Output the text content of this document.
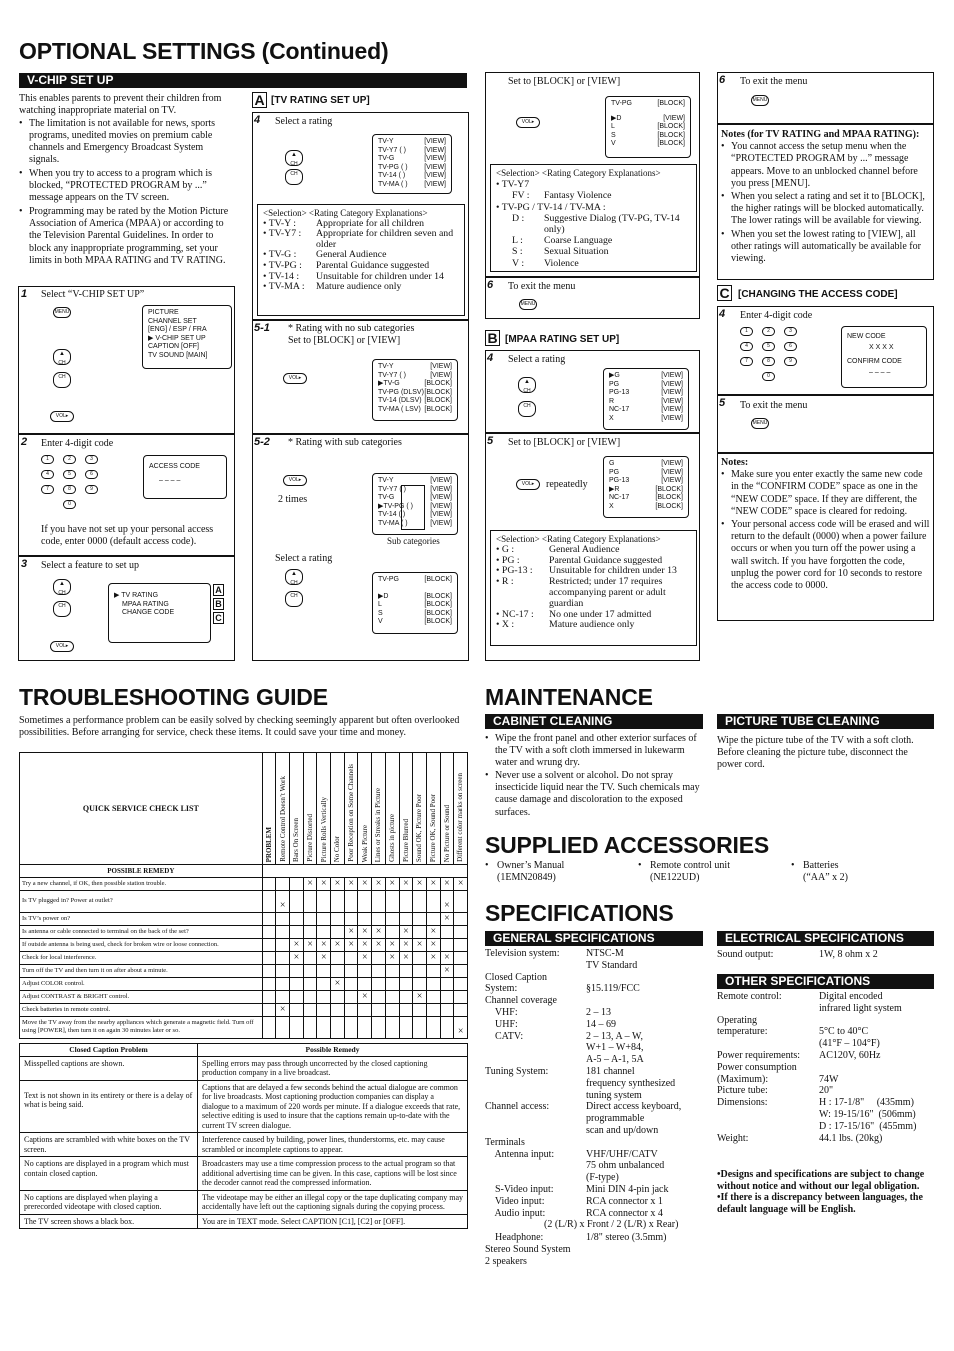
OPTIONAL SETTINGS (Continued)
V-CHIP SET UP

This enables parents to prevent their children from watching inappropriate material on TV.

• The limitation is not available for news, sports programs, unedited movies on premium cable channels and Emergency Broadcast System signals.
• When you try to access to a program which is blocked, “PROTECTED PROGRAM by ...” message appears on the TV screen.
• Programming may be rated by the Motion Picture Association of America (MPAA) or according to the Television Parental Guidelines. In order to block any inappropriate programming, set your limits in both MPAA RATING and TV RATING.
1 Select “V-CHIP SET UP”
MENU
▲
CH
CH
VOL▸
PICTURE
CHANNEL SET
[ENG] / ESP / FRA
▶ V-CHIP SET UP
CAPTION [OFF]
TV SOUND [MAIN]
2 Enter 4-digit code
1	2	3
4	5	6
7	8	9
0
ACCESS CODE
– – – –

If you have not set up your personal access code, enter 0000 (default access code).

3 Select a feature to set up
▲
CH
CH
VOL▸
▶ TV RATING
MPAA RATING
CHANGE CODE
A
B
C
A [TV RATING SET UP]
4 Select a rating
▲
CH
CH
TV-Y	[VIEW]
TV-Y7 ( )	[VIEW]
TV-G	[VIEW]
TV-PG ( ) [VIEW]
TV-14 ( )	[VIEW]
TV-MA ( ) [VIEW]
<Selection> <Rating Category Explanations>
• TV-Y :	Appropriate for all children
• TV-Y7 :	Appropriate for children seven and older
• TV-G :	General Audience
• TV-PG :	Parental Guidance suggested
• TV-14 :	Unsuitable for children under 14
• TV-MA :	Mature audience only
5-1 * Rating with no sub categories
Set to [BLOCK] or [VIEW]
VOL▸
TV-Y	[VIEW]
TV-Y7 ( )	[VIEW]
▶TV-G	[BLOCK]
TV-PG (DLSV) [BLOCK]
TV-14 (DLSV) [BLOCK]
TV-MA ( LSV) [BLOCK]
5-2 * Rating with sub categories
VOL▸
2 times
TV-Y	[VIEW]
TV-Y7 ( )	[VIEW]
TV-G	[VIEW]
▶TV-PG ( ) [VIEW]
TV-14 ( )	[VIEW]
TV-MA ( )	[VIEW]
Sub categories
Select a rating
▲
CH
CH
TV-PG	[BLOCK]
▶D	[BLOCK]
L	[BLOCK]
S	[BLOCK]
V	[BLOCK]
Set to [BLOCK] or [VIEW]
VOL▸
TV-PG	[BLOCK]
▶D	[VIEW]
L	[BLOCK]
S	[BLOCK]
V	[BLOCK]
<Selection> <Rating Category Explanations>
• TV-Y7
FV :	Fantasy Violence
• TV-PG / TV-14 / TV-MA :
D :	Suggestive Dialog (TV-PG, TV-14 only)
L :	Coarse Language
S :	Sexual Situation
V :	Violence
6 To exit the menu
MENU
B [MPAA RATING SET UP]
4 Select a rating
▲
CH
CH
▶G	[VIEW]
PG	[VIEW]
PG-13	[VIEW]
R	[VIEW]
NC-17	[VIEW]
X	[VIEW]
5 Set to [BLOCK] or [VIEW]
VOL▸	repeatedly
G	[VIEW]
PG	[VIEW]
PG-13	[VIEW]
▶R	[BLOCK]
NC-17	[BLOCK]
X	[BLOCK]
<Selection> <Rating Category Explanations>
• G :	General Audience
• PG :	Parental Guidance suggested
• PG-13 :	Unsuitable for children under 13
• R :	Restricted; under 17 requires accompanying parent or adult guardian
• NC-17 :	No one under 17 admitted
• X :	Mature audience only
6 To exit the menu
MENU
Notes (for TV RATING and MPAA RATING):
• You cannot access the setup menu when the “PROTECTED PROGRAM by ...” message appears. Move to an unblocked channel before you press [MENU].
• When you select a rating and set it to [BLOCK], the higher ratings will be blocked automatically. The lower ratings will be available for viewing.
• When you set the lowest rating to [VIEW], all other ratings will automatically be available for viewing.
C [CHANGING THE ACCESS CODE]
4 Enter 4-digit code
1	2	3
4	5	6
7	8	9
0
NEW CODE
X X X X
CONFIRM CODE
– – – –
5 To exit the menu
MENU
Notes:
• Make sure you enter exactly the same new code in the “CONFIRM CODE” space as one in the “NEW CODE” space. If they are different, the “NEW CODE” space is cleared for redoing.
• Your personal access code will be erased and will return to the default (0000) when a power failure occurs or when you turn off the power using a wall switch. If you have forgotten the code, unplug the power cord for 10 seconds to restore the access code to 0000.
TROUBLESHOOTING GUIDE

Sometimes a performance problem can be easily solved by checking seemingly apparent but often overlooked possibilities. Before arranging for service, check these items. It could save your time and money.

QUICK SERVICE CHECK LIST	PROBLEM	Remote Control Doesn’t Work	Bars On Screen	Picture Distorted	Picture Rolls Vertically	No Color	Poor Reception on Some Channels	Weak Picture	Lines or Streaks in Picture	Ghosts in picture	Picture Blurred	Sound OK, Picture Poor	Picture OK, Sound Poor	No Picture or Sound	Different color marks on screen

POSSIBLE REMEDY															
Try a new channel, if OK, then possible station trouble.				×	×	×	×	×	×	×	×	×	×	×	×
Is TV plugged in? Power at outlet?		×												×	
Is TV’s power on?														×	
Is antenna or cable connected to terminal on the back of the set?							×	×	×		×		×		
If outside antenna is being used, check for broken wire or loose connection.			×	×	×	×	×	×	×	×	×	×	×		
Check for local interference.			×		×			×		×	×		×	×	
Turn off the TV and then turn it on after about a minute.														×	
Adjust COLOR control.						×									
Adjust CONTRAST & BRIGHT control.								×				×			
Check batteries in remote control.		×													
Move the TV away from the nearby appliances which generate a magnetic field. Turn off using [POWER], then turn it on again 30 minutes later or so.															×
Closed Caption Problem	Possible Remedy
Misspelled captions are shown.	Spelling errors may pass through uncorrected by the closed captioning production company in a live broadcast.
Text is not shown in its entirety or there is a delay of what is being said.	Captions that are delayed a few seconds behind the actual dialogue are common for live broadcasts. Most captioning production companies can display a dialogue to a maximum of 220 words per minute. If a dialogue exceeds that rate, selective editing is used to insure that the captions remain up-to-date with the current TV screen dialogue.
Captions are scrambled with white boxes on the TV screen.	Interference caused by building, power lines, thunderstorms, etc. may cause scrambled or incomplete captions to appear.
No captions are displayed in a program which must contain closed caption.	Broadcasters may use a time compression process to the actual program so that additional advertising time can be given. In this case, captions will be lost since the decoder cannot read the compressed information.
No captions are displayed when playing a prerecorded videotape with closed caption.	The videotape may be either an illegal copy or the tape duplicating company may accidentally have left out the captioning signals during the copying process.
The TV screen shows a black box.	You are in TEXT mode. Select CAPTION [C1], [C2] or [OFF].
MAINTENANCE
CABINET CLEANING
• Wipe the front panel and other exterior surfaces of the TV with a soft cloth immersed in lukewarm water and wrung dry.
• Never use a solvent or alcohol. Do not spray insecticide liquid near the TV. Such chemicals may cause damage and discoloration to the exposed surfaces.
PICTURE TUBE CLEANING

Wipe the picture tube of the TV with a soft cloth. Before cleaning the picture tube, disconnect the power cord.

SUPPLIED ACCESSORIES
• Owner’s Manual
(1EMN20849)
• Remote control unit
(NE122UD)
• Batteries
(“AA” x 2)
SPECIFICATIONS
GENERAL SPECIFICATIONS
Television system:	NTSC-M
TV Standard
Closed Caption
System:	
§15.119/FCC
Channel coverage	
VHF:	2 – 13
UHF:	14 – 69
CATV:	2 – 13, A – W,
W+1 – W+84,
A-5 – A-1, 5A
Tuning System:	181 channel
frequency synthesized
tuning system
Channel access:	Direct access keyboard,
programmable
scan and up/down
Terminals	
Antenna input:	VHF/UHF/CATV
75 ohm unbalanced
(F-type)
S-Video input:	Mini DIN 4-pin jack
Video input:	RCA connector x 1
Audio input:	RCA connector x 4
(2 (L/R) x Front / 2 (L/R) x Rear)
Headphone:	1/8" stereo (3.5mm)
Stereo Sound System	
2 speakers	
ELECTRICAL SPECIFICATIONS
Sound output:	1W, 8 ohm x 2
OTHER SPECIFICATIONS
Remote control:	Digital encoded
infrared light system
Operating
temperature:	
5°C to 40°C
(41°F – 104°F)
Power requirements:	AC120V, 60Hz
Power consumption
(Maximum):	
74W
Picture tube:	20"
Dimensions:	H : 17-1/8"     (435mm)
W: 19-15/16"  (506mm)
D : 17-15/16"  (455mm)
Weight:	44.1 lbs. (20kg)

•Designs and specifications are subject to change without notice and without our legal obligation.

•If there is a discrepancy between languages, the default language will be English.
